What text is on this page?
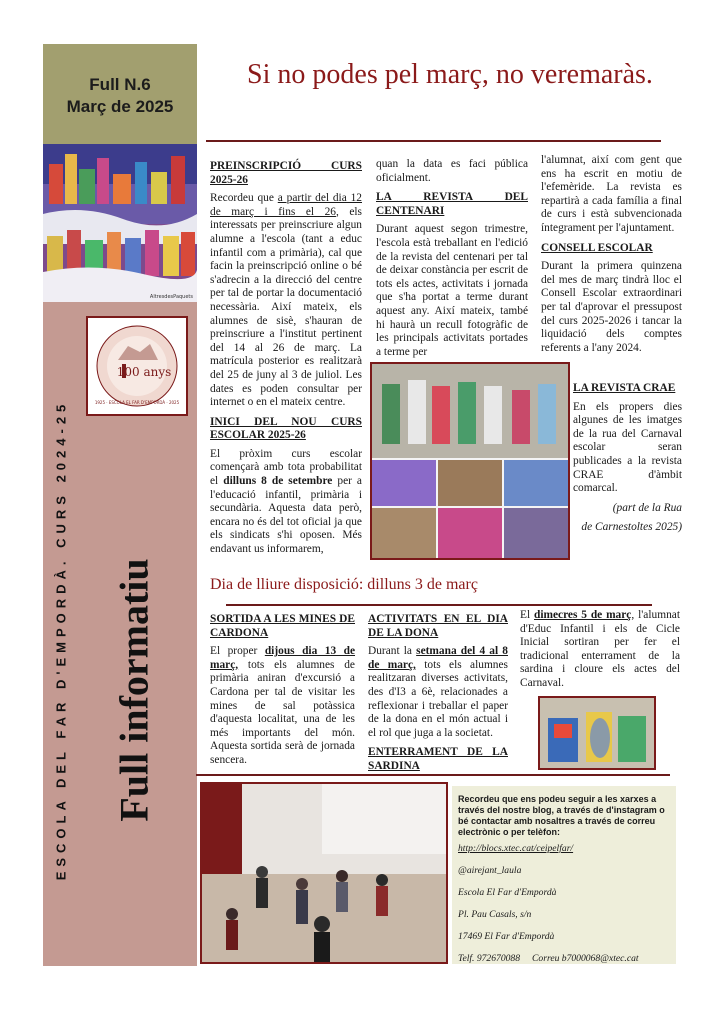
Full N.6
Març de 2025
AltresdesPaquets
100 anys
1925 · ESCOLA EL FAR D'EMPORDÀ · 2025
ESCOLA DEL FAR D'EMPORDÀ. CURS 2024-25 Full informatiu
Si no podes pel març, no veremaràs.
PREINSCRIPCIÓ CURS 2025-26

Recordeu que a partir del dia 12 de març i fins el 26, els interessats per preinscriure algun alumne a l'escola (tant a educ infantil com a primària), cal que facin la preinscripció online o bé s'adrecin a la direcció del centre per tal de portar la documentació necessària. Així mateix, els alumnes de sisè, s'hauran de preinscriure a l'institut pertinent del 14 al 26 de març. La matrícula posterior es realitzarà del 25 de juny al 3 de juliol. Les dates es poden consultar per internet o en el mateix centre.

INICI DEL NOU CURS ESCOLAR 2025-26

El pròxim curs escolar començarà amb tota probabilitat el dilluns 8 de setembre per a l'educació infantil, primària i secundària. Aquesta data però, encara no és del tot oficial ja que els sindicats s'hi oposen. Més endavant us informarem,

quan la data es faci pública oficialment.

LA REVISTA DEL CENTENARI

Durant aquest segon trimestre, l'escola està treballant en l'edició de la revista del centenari per tal de deixar constància per escrit de tots els actes, activitats i jornada que s'ha portat a terme durant aquest any. Així mateix, també hi haurà un recull fotogràfic de les principals activitats portades a terme per

l'alumnat, així com gent que ens ha escrit en motiu de l'efemèride. La revista es repartirà a cada família a final de curs i està subvencionada íntegrament per l'ajuntament.

CONSELL ESCOLAR

Durant la primera quinzena del mes de març tindrà lloc el Consell Escolar extraordinari per tal d'aprovar el pressupost del curs 2025-2026 i tancar la liquidació dels comptes referents a l'any 2024.

LA REVISTA CRAE

En els propers dies algunes de les imatges de la rua del Carnaval escolar seran publicades a la revista CRAE d'àmbit comarcal.

(part de la Rua
de Carnestoltes 2025)
Dia de lliure disposició: dilluns 3 de març
SORTIDA A LES MINES DE CARDONA

El proper dijous dia 13 de març, tots els alumnes de primària aniran d'excursió a Cardona per tal de visitar les mines de sal potàssica d'aquesta localitat, una de les més importants del món. Aquesta sortida serà de jornada sencera.

ACTIVITATS EN EL DIA DE LA DONA

Durant la setmana del 4 al 8 de març, tots els alumnes realitzaran diverses activitats, des d'I3 a 6è, relacionades a reflexionar i treballar el paper de la dona en el món actual i el rol que juga a la societat.

ENTERRAMENT DE LA SARDINA

El dimecres 5 de març, l'alumnat d'Educ Infantil i els de Cicle Inicial sortiran per fer el tradicional enterrament de la sardina i cloure els actes del Carnaval.

Recordeu que ens podeu seguir a les xarxes a través del nostre blog, a través de d'instagram o bé contactar amb nosaltres a través de correu electrònic o per telèfon:
http://blocs.xtec.cat/ceipelfar/
@airejant_laula
Escola El Far d'Empordà
Pl. Pau Casals, s/n
17469 El Far d'Empordà
Telf. 972670088 Correu b7000068@xtec.cat
